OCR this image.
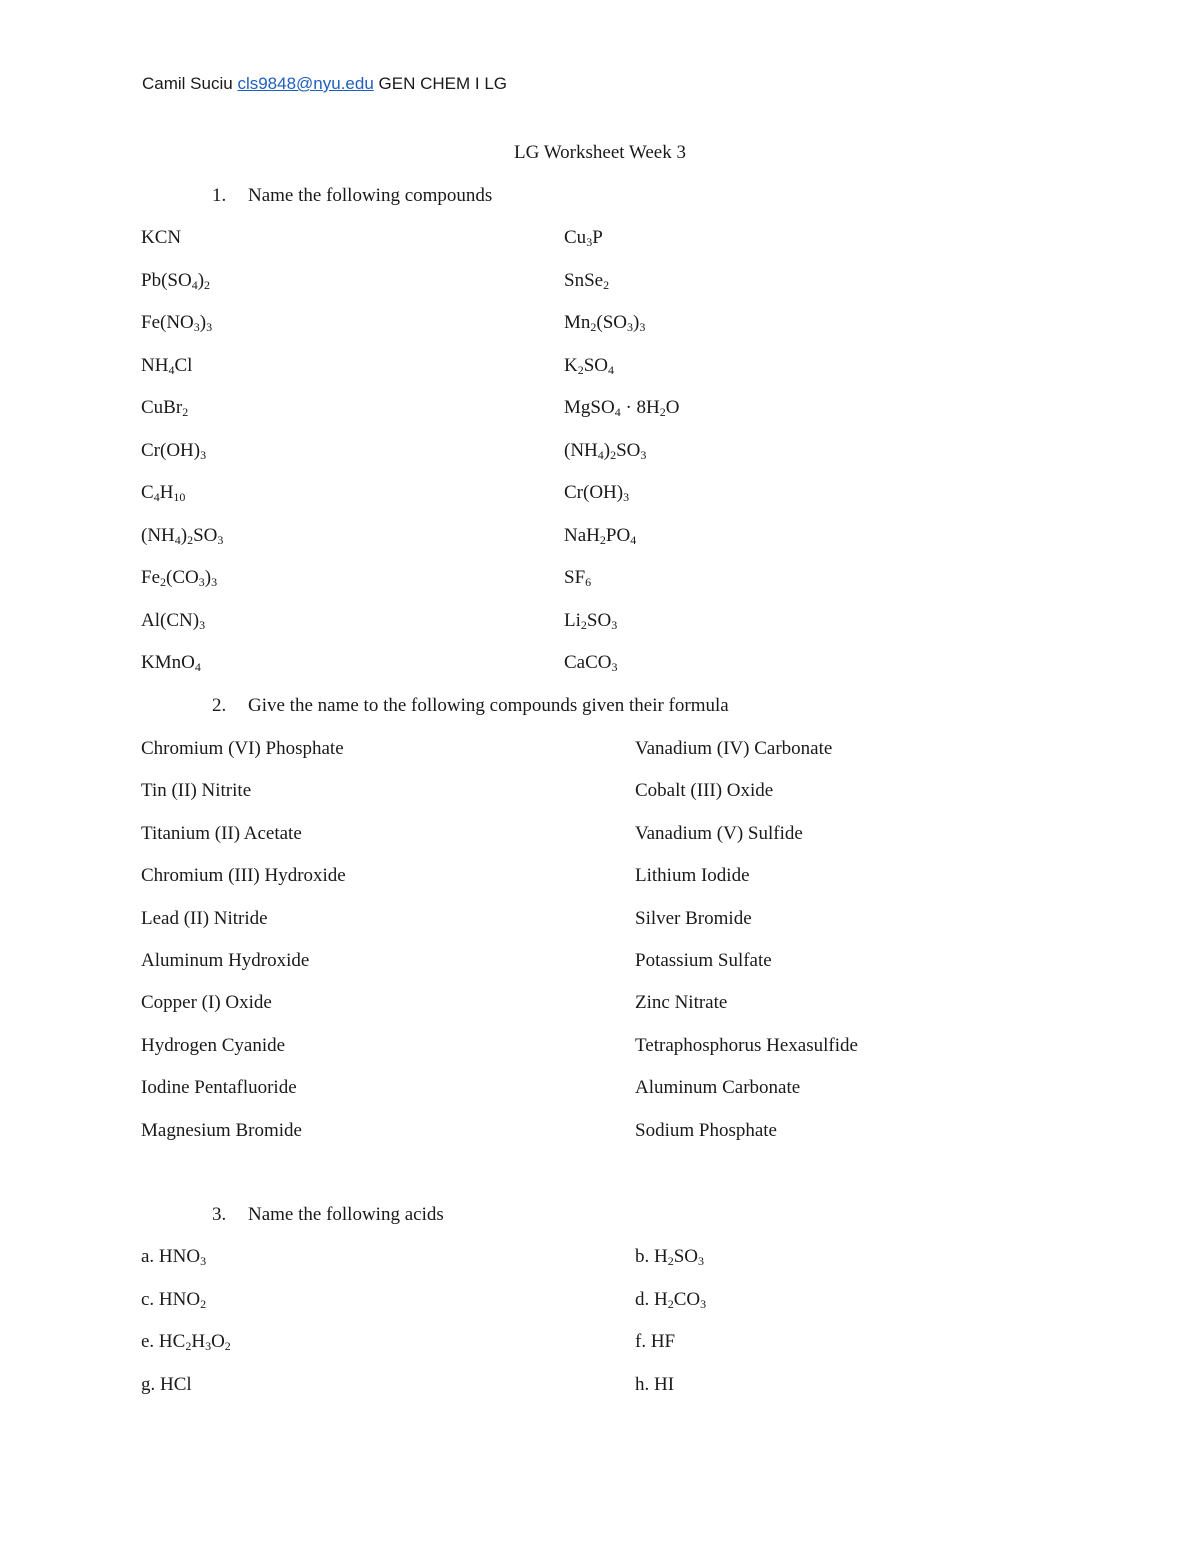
Camil Suciu cls9848@nyu.edu GEN CHEM I LG
LG Worksheet Week 3
1. Name the following compounds
KCN	$Cu_3P$
$Pb(SO_4)_2$	SnSe$_2$
$Fe(NO_3)_3$	$Mn_2(SO_3)_3$
$NH_4Cl$	$K_2SO_4$
CuBr$_2$	MgSO$_4$ · $8H_2O$
$Cr(OH)_3$	$(NH_4)_2SO_3$
$C_4H_{10}$	$Cr(OH)_3$
$(NH_4)_2SO_3$	$NaH_2PO_4$
$Fe_2(CO_3)_3$	$SF_6$
$Al(CN)_3$	$Li_2SO_3$
KMnO$_4$	CaCO$_3$
2. Give the name to the following compounds given their formula
Chromium (VI) Phosphate	Vanadium (IV) Carbonate
Tin (II) Nitrite	Cobalt (III) Oxide
Titanium (II) Acetate	Vanadium (V) Sulfide
Chromium (III) Hydroxide	Lithium Iodide
Lead (II) Nitride	Silver Bromide
Aluminum Hydroxide	Potassium Sulfate
Copper (I) Oxide	Zinc Nitrate
Hydrogen Cyanide	Tetraphosphorus Hexasulfide
Iodine Pentafluoride	Aluminum Carbonate
Magnesium Bromide	Sodium Phosphate
3. Name the following acids
a. $HNO_3$	b. $H_2SO_3$
c. $HNO_2$	d. $H_2CO_3$
e. $HC_2H_3O_2$	f. HF
g. HCl	h. HI
